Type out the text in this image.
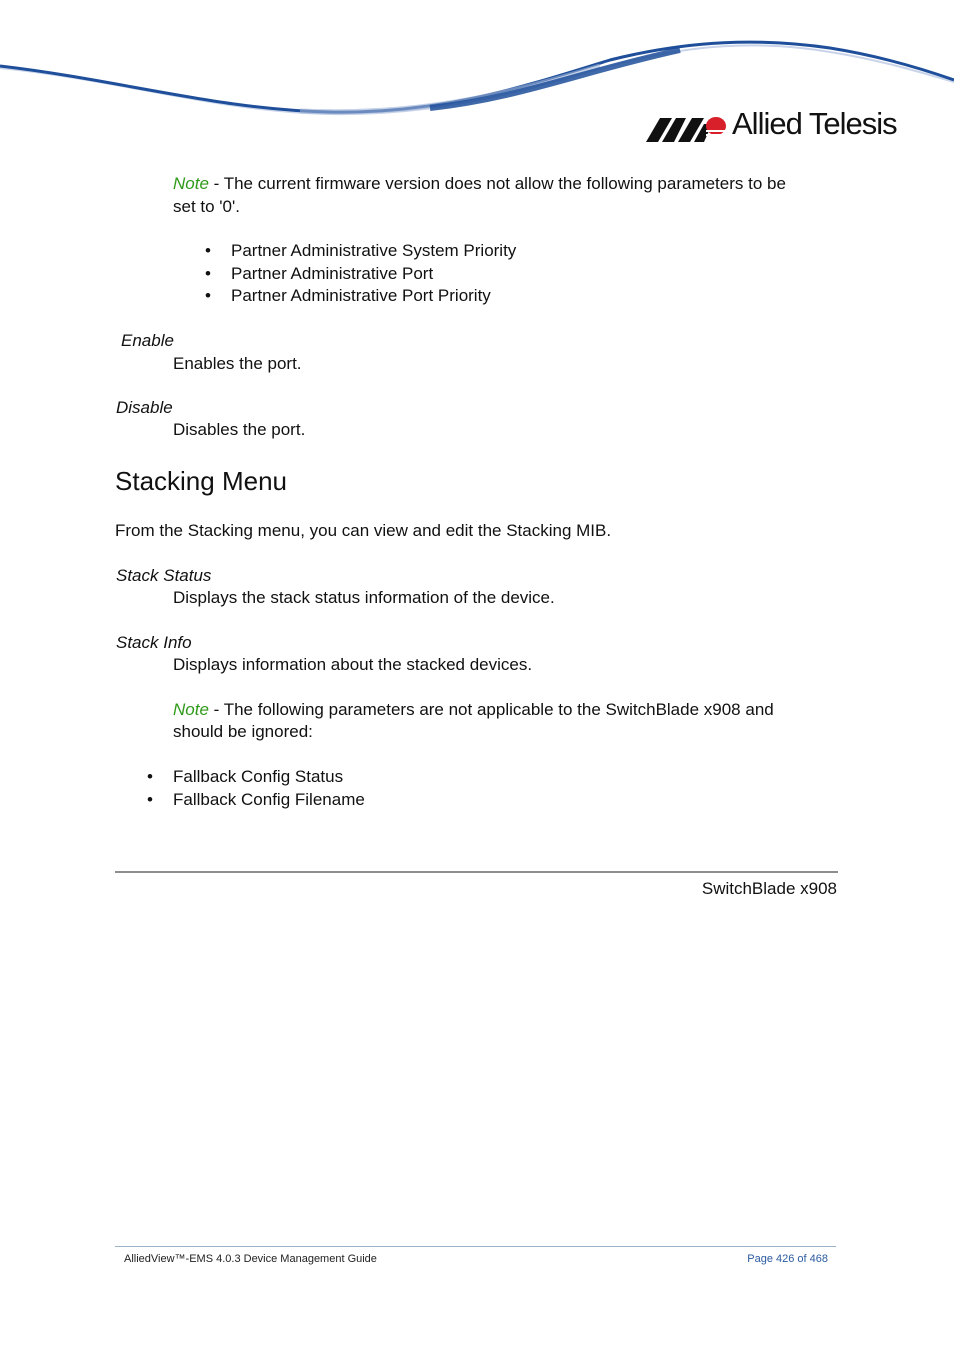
Allied Telesis
Note - The current firmware version does not allow the following parameters to be
set to '0'.
• Partner Administrative System Priority
• Partner Administrative Port
• Partner Administrative Port Priority
Enable
Enables the port.
Disable
Disables the port.
Stacking Menu
From the Stacking menu, you can view and edit the Stacking MIB.
Stack Status
Displays the stack status information of the device.
Stack Info
Displays information about the stacked devices.
Note - The following parameters are not applicable to the SwitchBlade x908 and
should be ignored:
• Fallback Config Status
• Fallback Config Filename
SwitchBlade x908
AlliedView™-EMS 4.0.3 Device Management Guide	Page 426 of 468
